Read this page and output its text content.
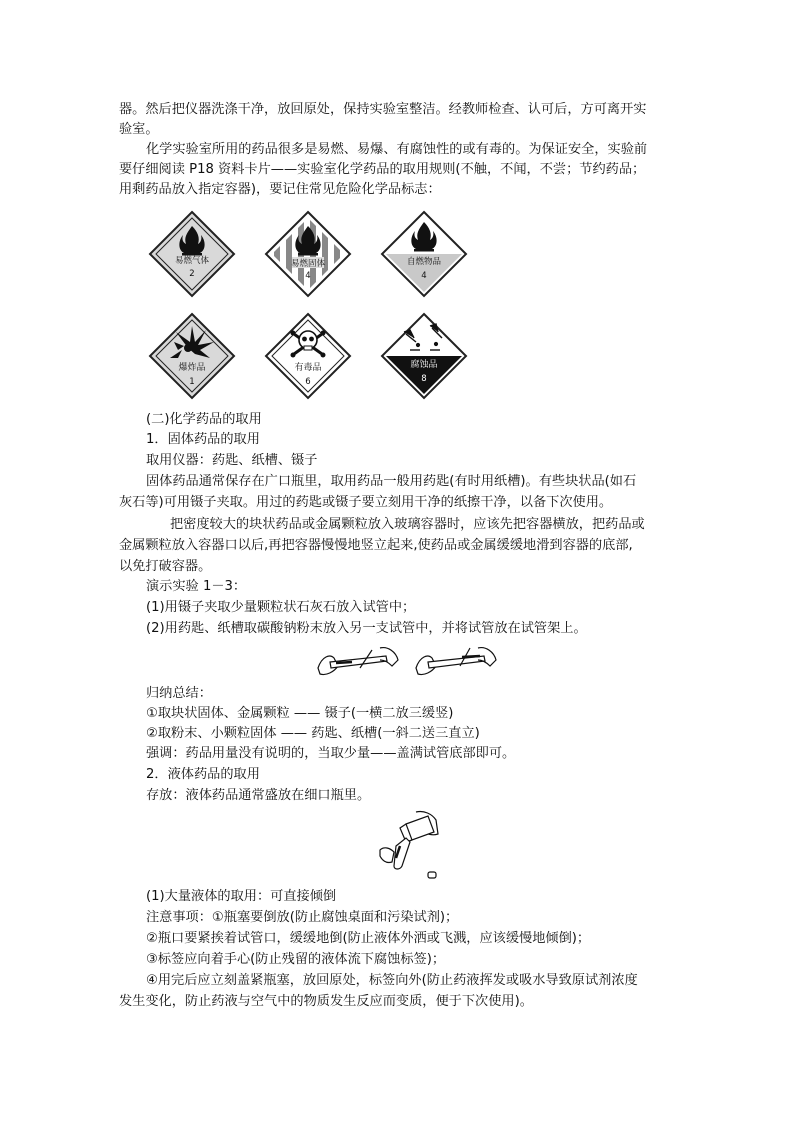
器。然后把仪器洗涤干净，放回原处，保持实验室整洁。经教师检查、认可后，方可离开实
验室。
化学实验室所用的药品很多是易燃、易爆、有腐蚀性的或有毒的。为保证安全，实验前
要仔细阅读 P18 资料卡片——实验室化学药品的取用规则(不触，不闻，不尝；节约药品；
用剩药品放入指定容器)，要记住常见危险化学品标志：
易燃气体
2
易燃固体
4
自燃物品
4
爆炸品
1
有毒品
6
腐蚀品
8
(二)化学药品的取用
1．固体药品的取用
取用仪器：药匙、纸槽、镊子
固体药品通常保存在广口瓶里，取用药品一般用药匙(有时用纸槽)。有些块状品(如石
灰石等)可用镊子夹取。用过的药匙或镊子要立刻用干净的纸擦干净，以备下次使用。
把密度较大的块状药品或金属颗粒放入玻璃容器时，应该先把容器横放，把药品或
金属颗粒放入容器口以后,再把容器慢慢地竖立起来,使药品或金属缓缓地滑到容器的底部,
以免打破容器。
演示实验 1－3：
(1)用镊子夹取少量颗粒状石灰石放入试管中；
(2)用药匙、纸槽取碳酸钠粉末放入另一支试管中，并将试管放在试管架上。
归纳总结：
①取块状固体、金属颗粒 —— 镊子(一横二放三缓竖)
②取粉末、小颗粒固体 —— 药匙、纸槽(一斜二送三直立)
强调：药品用量没有说明的，当取少量——盖满试管底部即可。
2．液体药品的取用
存放：液体药品通常盛放在细口瓶里。
(1)大量液体的取用：可直接倾倒
注意事项：①瓶塞要倒放(防止腐蚀桌面和污染试剂)；
②瓶口要紧挨着试管口，缓缓地倒(防止液体外洒或飞溅，应该缓慢地倾倒)；
③标签应向着手心(防止残留的液体流下腐蚀标签)；
④用完后应立刻盖紧瓶塞，放回原处，标签向外(防止药液挥发或吸水导致原试剂浓度
发生变化，防止药液与空气中的物质发生反应而变质，便于下次使用)。
